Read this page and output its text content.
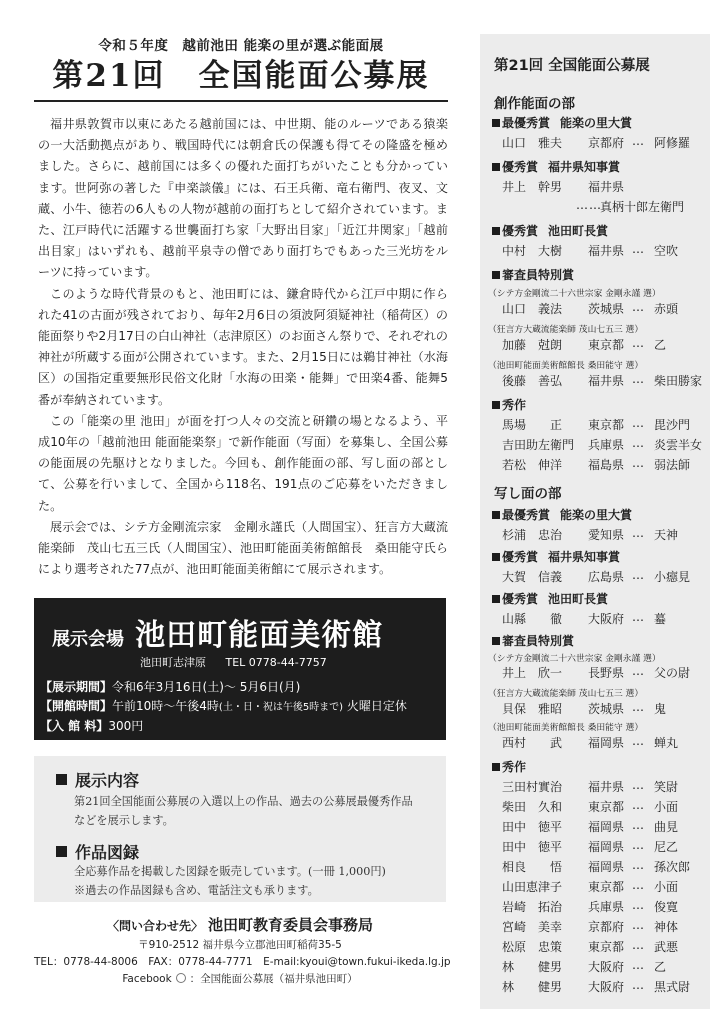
令和５年度　越前池田 能楽の里が選ぶ能面展
第21回　全国能面公募展

福井県敦賀市以東にあたる越前国には、中世期、能のルーツである猿楽の一大活動拠点があり、戦国時代には朝倉氏の保護も得てその隆盛を極めました。さらに、越前国には多くの優れた面打ちがいたことも分かっています。世阿弥の著した『申楽談儀』には、石王兵衛、竜右衛門、夜叉、文蔵、小牛、徳若の6人もの人物が越前の面打ちとして紹介されています。また、江戸時代に活躍する世襲面打ち家「大野出目家」「近江井関家」「越前出目家」はいずれも、越前平泉寺の僧であり面打ちでもあった三光坊をルーツに持っています。

このような時代背景のもと、池田町には、鎌倉時代から江戸中期に作られた41の古面が残されており、毎年2月6日の須波阿須疑神社（稲荷区）の能面祭りや2月17日の白山神社（志津原区）のお面さん祭りで、それぞれの神社が所蔵する面が公開されています。また、2月15日には鵜甘神社（水海区）の国指定重要無形民俗文化財「水海の田楽・能舞」で田楽4番、能舞5番が奉納されています。

この「能楽の里 池田」が面を打つ人々の交流と研鑽の場となるよう、平成10年の「越前池田 能面能楽祭」で新作能面（写面）を募集し、全国公募の能面展の先駆けとなりました。今回も、創作能面の部、写し面の部として、公募を行いまして、全国から118名、191点のご応募をいただきました。

展示会では、シテ方金剛流宗家　金剛永謹氏（人間国宝）、狂言方大蔵流能楽師　茂山七五三氏（人間国宝）、池田町能面美術館館長　桑田能守氏らにより選考された77点が、池田町能面美術館にて展示されます。

展示会場 池田町能面美術館
池田町志津原 TEL 0778-44-7757
【展示期間】令和6年3月16日(土)～ 5月6日(月)
【開館時間】午前10時～午後4時(土・日・祝は午後5時まで) 火曜日定休
【入 館 料】300円
展示内容
第21回全国能面公募展の入選以上の作品、過去の公募展最優秀作品などを展示します。
作品図録
全応募作品を掲載した図録を販売しています。(一冊 1,000円)
※過去の作品図録も含め、電話注文も承ります。
〈問い合わせ先〉 池田町教育委員会事務局
〒910-2512 福井県今立郡池田町稲荷35-5
TEL：0778-44-8006　FAX：0778-44-7771　E-mail:kyoui@town.fukui-ikeda.lg.jp
Facebook ：全国能面公募展（福井県池田町）
第21回 全国能面公募展
創作能面の部
最優秀賞 能楽の里大賞
山口　雅夫	京都府 … 阿修羅
優秀賞 福井県知事賞
井上　幹男	福井県
……
真柄十郎左衛門
優秀賞 池田町長賞
中村　大樹	福井県 … 空吹
審査員特別賞
（シテ方金剛流二十六世宗家 金剛永謹 選）
山口　義法	茨城県 … 赤頭
（狂言方大蔵流能楽師 茂山七五三 選）
加藤　尅朗	東京都 … 乙
（池田町能面美術館館長 桑田能守 選）
後藤　善弘	福井県 … 柴田勝家
秀作
馬場　　正	東京都 … 毘沙門
吉田助左衛門	兵庫県 … 炎雲半女
若松　伸洋	福島県 … 弱法師
写し面の部
最優秀賞 能楽の里大賞
杉浦　忠治	愛知県 … 天神
優秀賞 福井県知事賞
大賀　信義	広島県 … 小癋見
優秀賞 池田町長賞
山縣　　徹	大阪府 … 蟇
審査員特別賞
（シテ方金剛流二十六世宗家 金剛永謹 選）
井上　欣一	長野県 … 父の尉
（狂言方大蔵流能楽師 茂山七五三 選）
貝保　雅昭	茨城県 … 鬼
（池田町能面美術館館長 桑田能守 選）
西村　　武	福岡県 … 蝉丸
秀作
三田村實治	福井県 … 笑尉
柴田　久和	東京都 … 小面
田中　徳平	福岡県 … 曲見
田中　徳平	福岡県 … 尼乙
相良　　悟	福岡県 … 孫次郎
山田恵津子	東京都 … 小面
岩崎　拓治	兵庫県 … 俊寛
宮崎　美幸	京都府 … 神体
松原　忠策	東京都 … 武悪
林　　健男	大阪府 … 乙
林　　健男	大阪府 … 黒式尉
